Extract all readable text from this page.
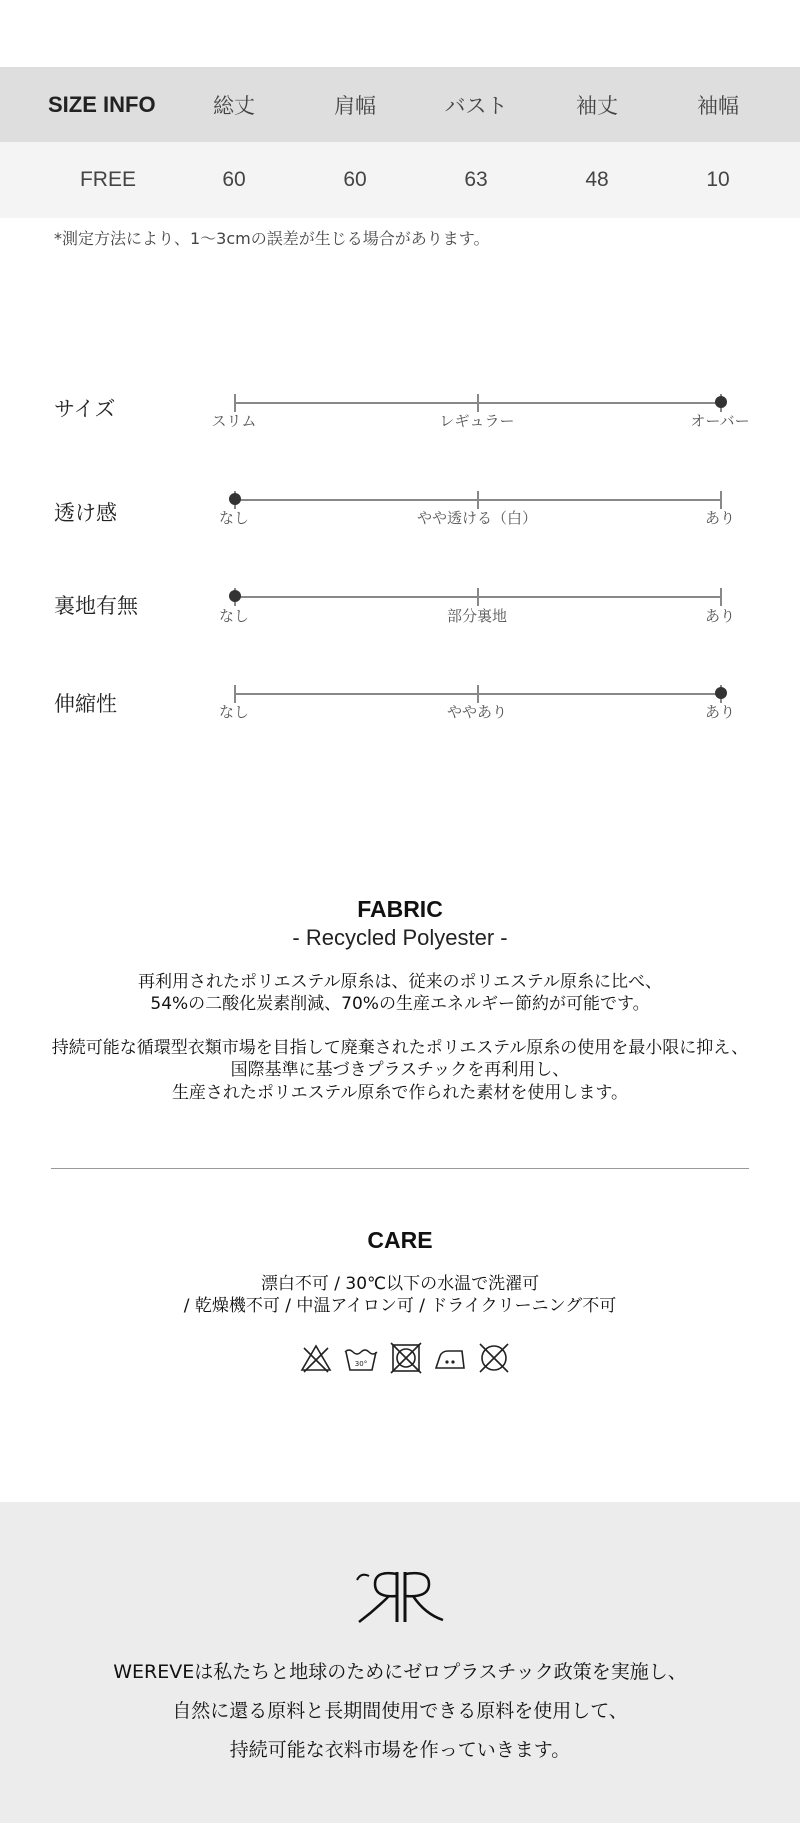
SIZE INFO	総丈	肩幅	バスト	袖丈	袖幅
FREE	60	60	63	48	10
*測定方法により、1～3cmの誤差が生じる場合があります。
サイズ	スリム	レギュラー	オーバー
透け感	なし	やや透ける（白）	あり
裏地有無	なし	部分裏地	あり
伸縮性	なし	ややあり	あり
FABRIC
- Recycled Polyester -
再利用されたポリエステル原糸は、従来のポリエステル原糸に比べ、
54%の二酸化炭素削減、70%の生産エネルギー節約が可能です。
持続可能な循環型衣類市場を目指して廃棄されたポリエステル原糸の使用を最小限に抑え、
国際基準に基づきプラスチックを再利用し、
生産されたポリエステル原糸で作られた素材を使用します。
CARE
漂白不可 / 30℃以下の水温で洗濯可
/ 乾燥機不可 / 中温アイロン可 / ドライクリーニング不可
30°
WEREVEは私たちと地球のためにゼロプラスチック政策を実施し、
自然に還る原料と長期間使用できる原料を使用して、
持続可能な衣料市場を作っていきます。
